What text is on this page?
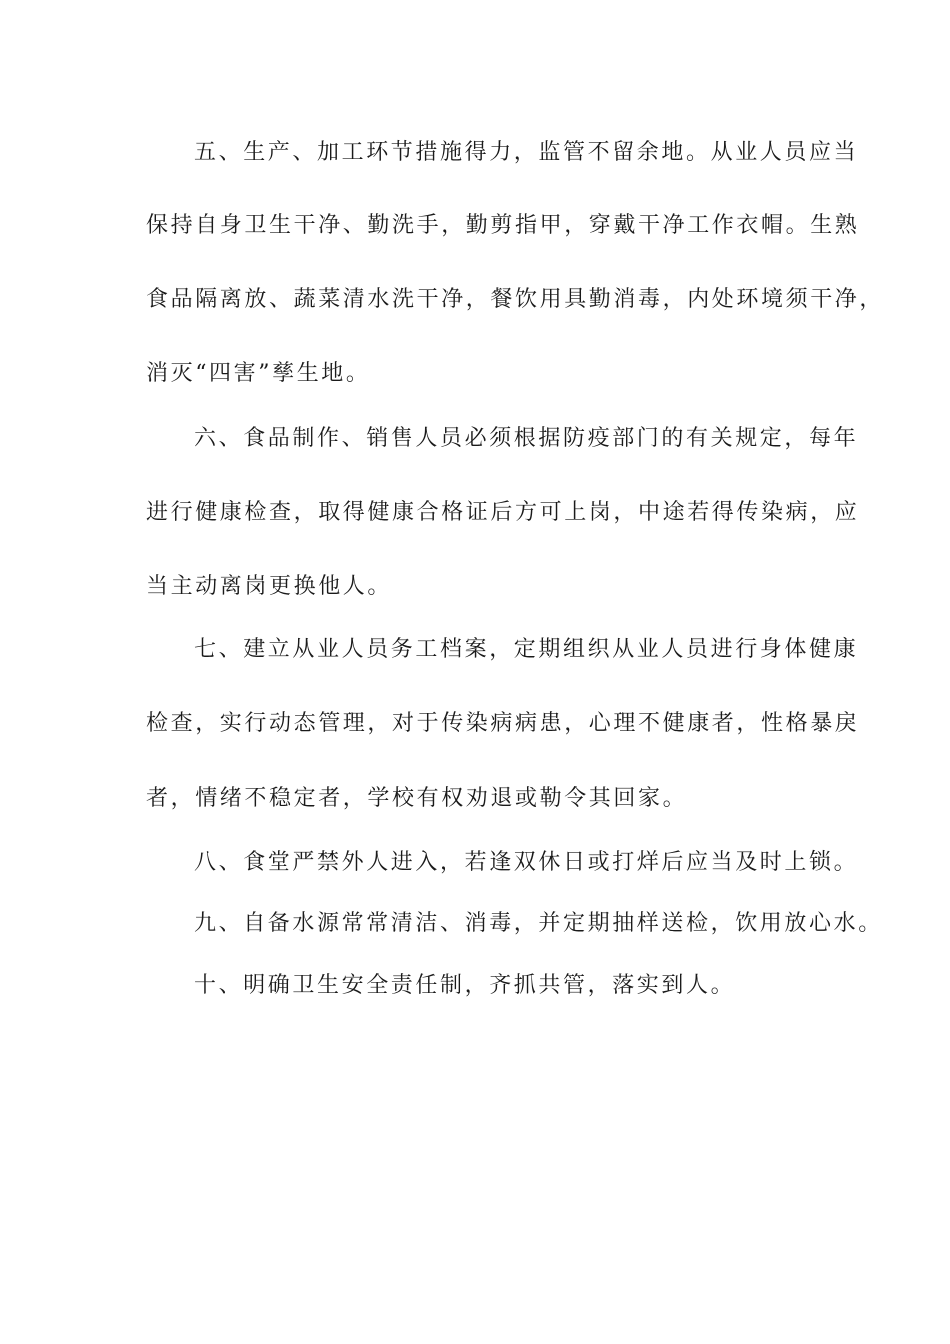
五、生产、加工环节措施得力，监管不留余地。从业人员应当
保持自身卫生干净、勤洗手，勤剪指甲，穿戴干净工作衣帽。生熟
食品隔离放、蔬菜清水洗干净，餐饮用具勤消毒，内处环境须干净，
消灭“四害”孳生地。
六、食品制作、销售人员必须根据防疫部门的有关规定，每年
进行健康检查，取得健康合格证后方可上岗，中途若得传染病，应
当主动离岗更换他人。
七、建立从业人员务工档案，定期组织从业人员进行身体健康
检查，实行动态管理，对于传染病病患，心理不健康者，性格暴戾
者，情绪不稳定者，学校有权劝退或勒令其回家。
八、食堂严禁外人进入，若逢双休日或打烊后应当及时上锁。
九、自备水源常常清洁、消毒，并定期抽样送检，饮用放心水。
十、明确卫生安全责任制，齐抓共管，落实到人。
